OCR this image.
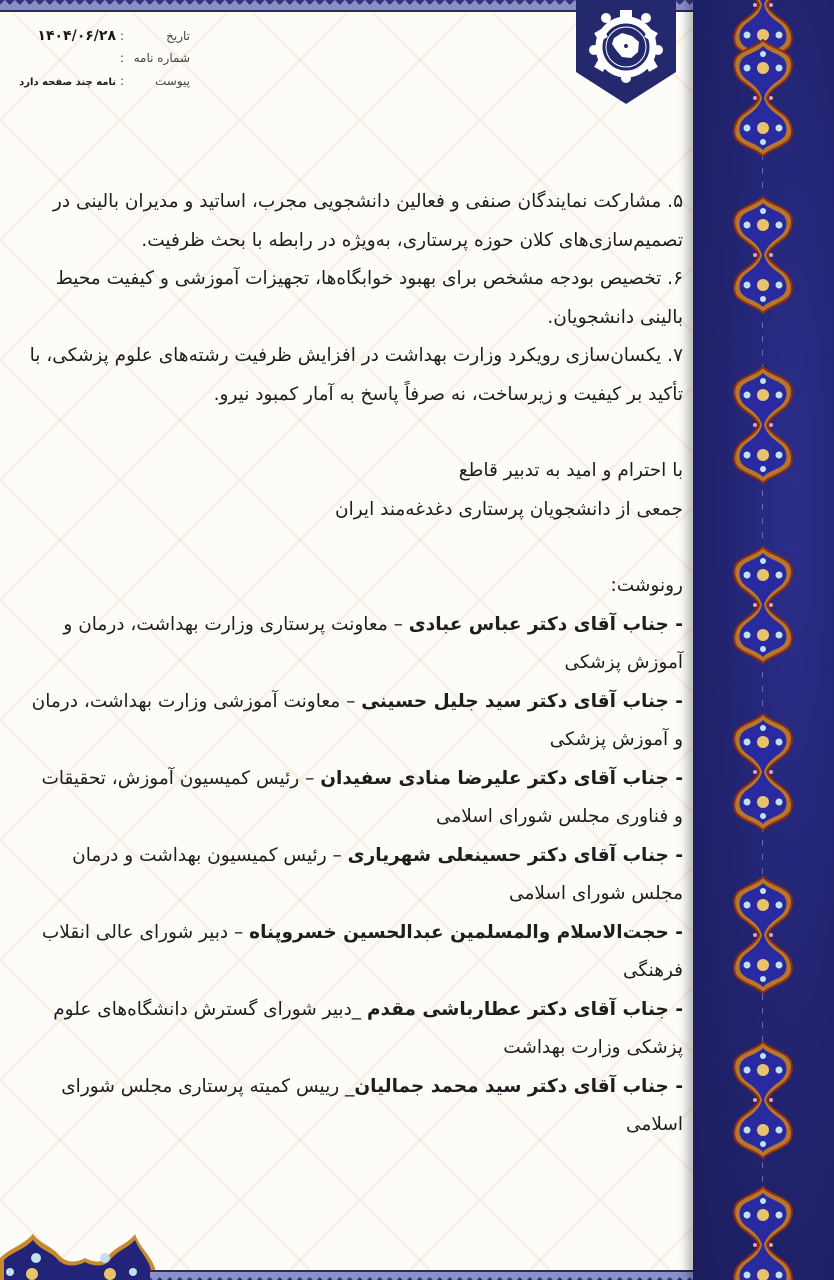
تاریخ
:
۱۴۰۴/۰۶/۲۸
شماره نامه
:
پیوست
:
نامه چند صفحه دارد

۵. مشارکت نمایندگان صنفی و فعالین دانشجویی مجرب، اساتید و مدیران بالینی در تصمیم‌سازی‌های کلان حوزه پرستاری، به‌ویژه در رابطه با بحث ظرفیت.

۶. تخصیص بودجه مشخص برای بهبود خوابگاه‌ها، تجهیزات آموزشی و کیفیت محیط بالینی دانشجویان.

۷. یکسان‌سازی رویکرد وزارت بهداشت در افزایش ظرفیت رشته‌های علوم پزشکی، با تأکید بر کیفیت و زیرساخت، نه صرفاً پاسخ به آمار کمبود نیرو.

با احترام و امید به تدبیر قاطع

جمعی از دانشجویان پرستاری دغدغه‌مند ایران

رونوشت:

- جناب آقای دکتر عباس عبادی – معاونت پرستاری وزارت بهداشت، درمان و آموزش پزشکی

- جناب آقای دکتر سید جلیل حسینی – معاونت آموزشی وزارت بهداشت، درمان و آموزش پزشکی

- جناب آقای دکتر علیرضا منادی سفیدان – رئیس کمیسیون آموزش، تحقیقات و فناوری مجلس شورای اسلامی

- جناب آقای دکتر حسینعلی شهریاری – رئیس کمیسیون بهداشت و درمان مجلس شورای اسلامی

- حجت‌الاسلام والمسلمین عبدالحسین خسروپناه – دبیر شورای عالی انقلاب فرهنگی

- جناب آقای دکتر عطارباشی مقدم _دبیر شورای گسترش دانشگاه‌های علوم پزشکی وزارت بهداشت

- جناب آقای دکتر سید محمد جمالیان_ رییس کمیته پرستاری مجلس شورای اسلامی
